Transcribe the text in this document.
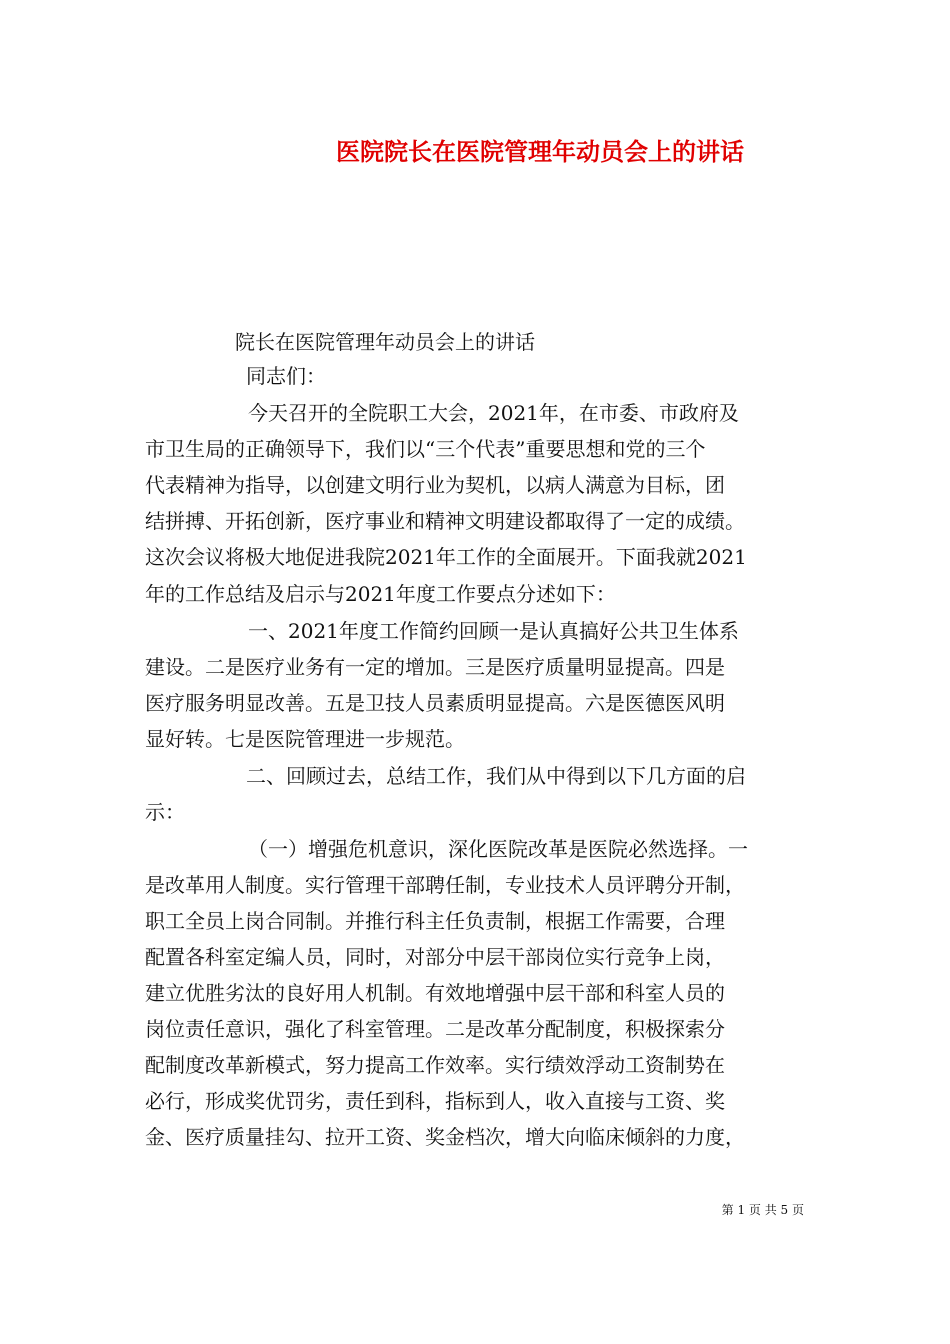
医院院长在医院管理年动员会上的讲话
院长在医院管理年动员会上的讲话
同志们：
今天召开的全院职工大会，2021年，在市委、市政府及
市卫生局的正确领导下，我们以“三个代表”重要思想和党的三个
代表精神为指导，以创建文明行业为契机，以病人满意为目标，团
结拼搏、开拓创新，医疗事业和精神文明建设都取得了一定的成绩。
这次会议将极大地促进我院2021年工作的全面展开。下面我就2021
年的工作总结及启示与2021年度工作要点分述如下：
一、2021年度工作简约回顾一是认真搞好公共卫生体系
建设。二是医疗业务有一定的增加。三是医疗质量明显提高。四是
医疗服务明显改善。五是卫技人员素质明显提高。六是医德医风明
显好转。七是医院管理进一步规范。
二、回顾过去，总结工作，我们从中得到以下几方面的启
示：
（一）增强危机意识，深化医院改革是医院必然选择。一
是改革用人制度。实行管理干部聘任制，专业技术人员评聘分开制，
职工全员上岗合同制。并推行科主任负责制，根据工作需要，合理
配置各科室定编人员，同时，对部分中层干部岗位实行竞争上岗，
建立优胜劣汰的良好用人机制。有效地增强中层干部和科室人员的
岗位责任意识，强化了科室管理。二是改革分配制度，积极探索分
配制度改革新模式，努力提高工作效率。实行绩效浮动工资制势在
必行，形成奖优罚劣，责任到科，指标到人，收入直接与工资、奖
金、医疗质量挂勾、拉开工资、奖金档次，增大向临床倾斜的力度，
第 1 页 共 5 页
